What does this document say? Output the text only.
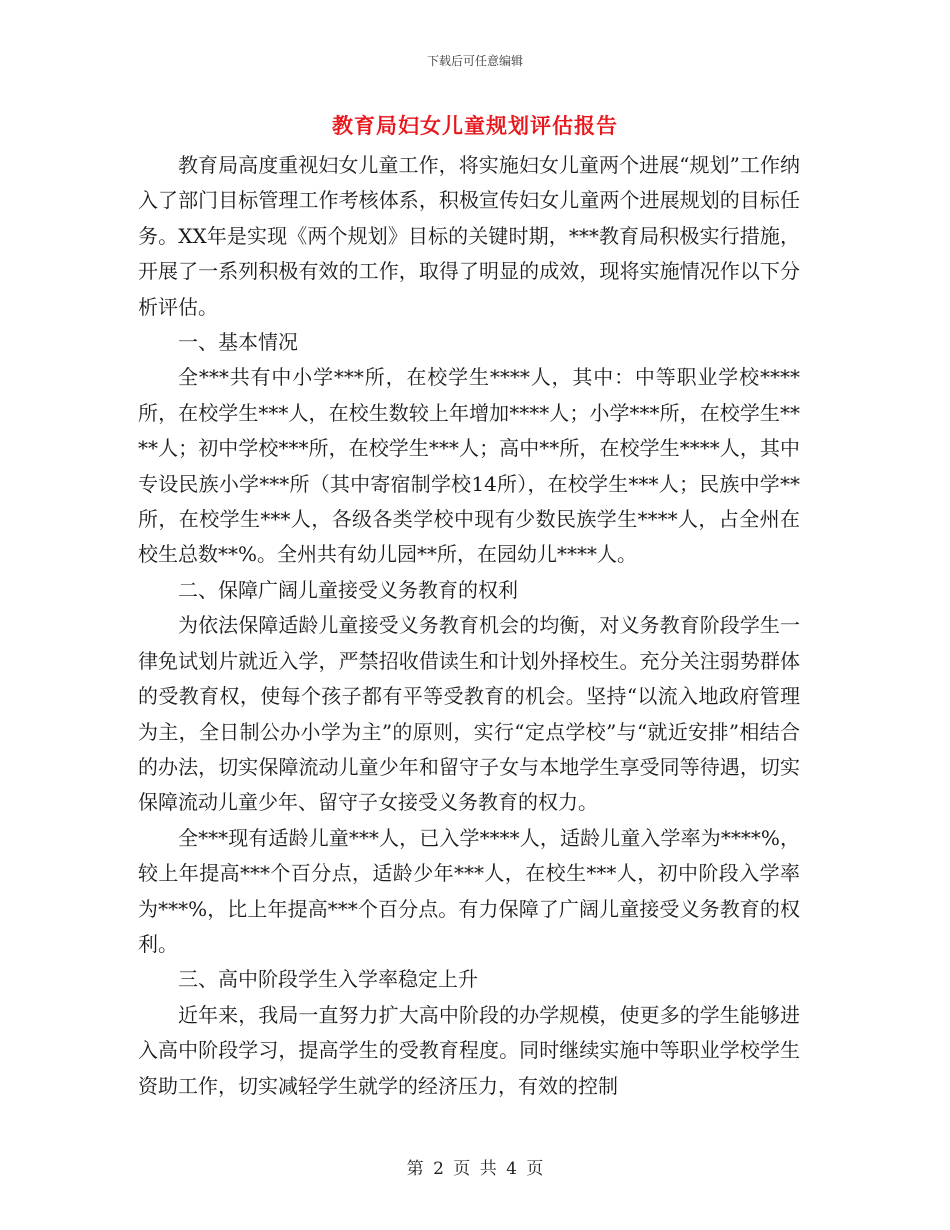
下载后可任意编辑
教育局妇女儿童规划评估报告

教育局高度重视妇女儿童工作，将实施妇女儿童两个进展“规划”工作纳入了部门目标管理工作考核体系，积极宣传妇女儿童两个进展规划的目标任务。XX年是实现《两个规划》目标的关键时期，***教育局积极实行措施，开展了一系列积极有效的工作，取得了明显的成效，现将实施情况作以下分析评估。

一、基本情况

全***共有中小学***所，在校学生****人，其中：中等职业学校****所，在校学生***人，在校生数较上年增加****人；小学***所，在校学生****人；初中学校***所，在校学生***人；高中**所，在校学生****人，其中专设民族小学***所（其中寄宿制学校14所），在校学生***人；民族中学**所，在校学生***人，各级各类学校中现有少数民族学生****人，占全州在校生总数**%。全州共有幼儿园**所，在园幼儿****人。

二、保障广阔儿童接受义务教育的权利

为依法保障适龄儿童接受义务教育机会的均衡，对义务教育阶段学生一律免试划片就近入学，严禁招收借读生和计划外择校生。充分关注弱势群体的受教育权，使每个孩子都有平等受教育的机会。坚持“以流入地政府管理为主，全日制公办小学为主”的原则，实行“定点学校”与“就近安排”相结合的办法，切实保障流动儿童少年和留守子女与本地学生享受同等待遇，切实保障流动儿童少年、留守子女接受义务教育的权力。

全***现有适龄儿童***人，已入学****人，适龄儿童入学率为****%，较上年提高***个百分点，适龄少年***人，在校生***人，初中阶段入学率为***%，比上年提高***个百分点。有力保障了广阔儿童接受义务教育的权利。

三、高中阶段学生入学率稳定上升

近年来，我局一直努力扩大高中阶段的办学规模，使更多的学生能够进入高中阶段学习，提高学生的受教育程度。同时继续实施中等职业学校学生资助工作，切实减轻学生就学的经济压力，有效的控制

第 2 页 共 4 页
